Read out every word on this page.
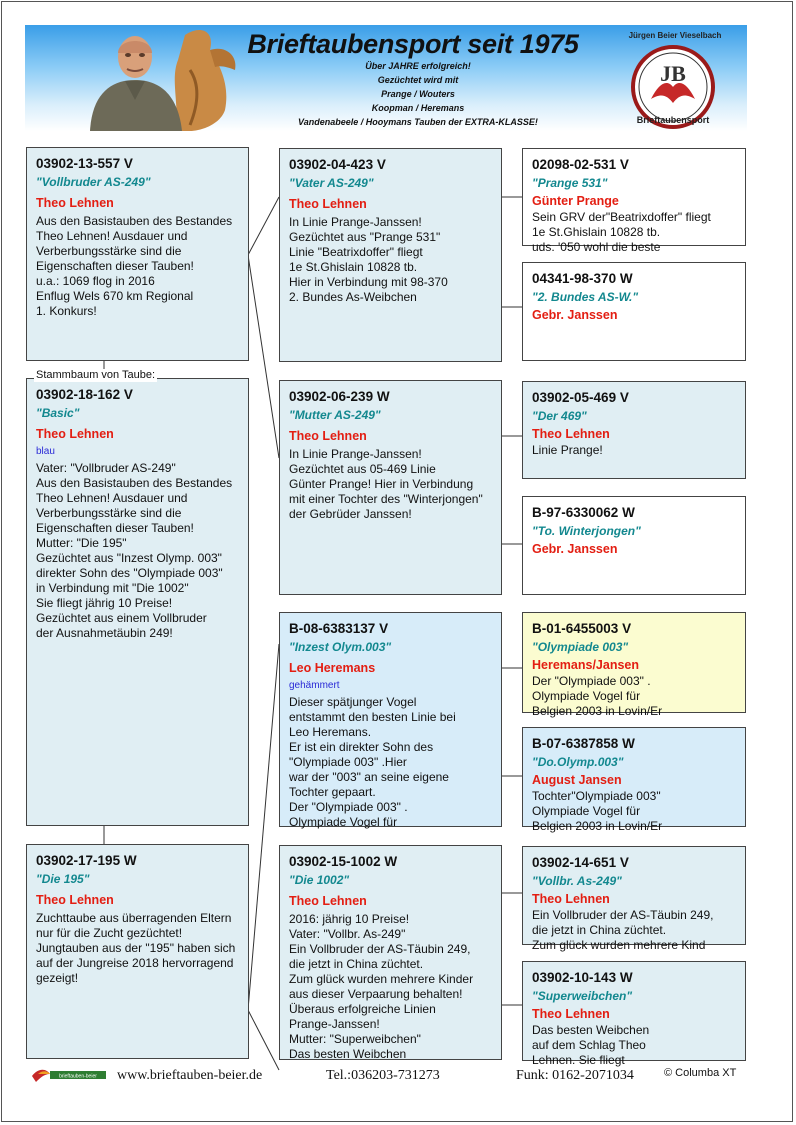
Brieftaubensport seit 1975
Über JAHRE erfolgreich!
Gezüchtet wird mit
Prange / Wouters
Koopman / Heremans
Vandenabeele / Hooymans Tauben der EXTRA-KLASSE!
Jürgen Beier Vieselbach
JB
Brieftaubensport
03902-13-557 V
"Vollbruder AS-249"
Theo Lehnen
Aus den Basistauben des Bestandes
Theo Lehnen! Ausdauer und Verberbungsstärke sind die Eigenschaften dieser Tauben!
u.a.: 1069 flog in 2016
Enflug Wels 670 km Regional
1. Konkurs!
03902-18-162 V
"Basic"
Theo Lehnen
blau
Vater: "Vollbruder AS-249"
Aus den Basistauben des Bestandes
Theo Lehnen! Ausdauer und Verberbungsstärke sind die Eigenschaften dieser Tauben!
Mutter: "Die 195"
Gezüchtet aus "Inzest Olymp. 003"
direkter Sohn des "Olympiade 003"
in Verbindung mit "Die 1002"
Sie fliegt jährig 10 Preise!
Gezüchtet aus einem Vollbruder
der Ausnahmetäubin 249!
Stammbaum von Taube:
03902-17-195 W
"Die 195"
Theo Lehnen
Zuchttaube aus überragenden Eltern
nur für die Zucht gezüchtet!
Jungtauben aus der "195" haben sich
auf der Jungreise 2018 hervorragend
gezeigt!
03902-04-423 V
"Vater AS-249"
Theo Lehnen
In Linie Prange-Janssen!
Gezüchtet aus "Prange 531"
Linie "Beatrixdoffer" fliegt
1e St.Ghislain 10828 tb.
Hier in Verbindung mit 98-370
2. Bundes As-Weibchen
03902-06-239 W
"Mutter AS-249"
Theo Lehnen
In Linie Prange-Janssen!
Gezüchtet aus 05-469 Linie
Günter Prange! Hier in Verbindung
mit einer Tochter des "Winterjongen"
der Gebrüder Janssen!
B-08-6383137 V
"Inzest Olym.003"
Leo Heremans
gehämmert
Dieser spätjunger Vogel
entstammt den besten Linie bei
Leo Heremans.
Er ist ein direkter Sohn des
"Olympiade 003" .Hier
war der "003" an seine eigene
Tochter gepaart.
Der "Olympiade 003" .
Olympiade Vogel für
03902-15-1002 W
"Die 1002"
Theo Lehnen
2016: jährig 10 Preise!
Vater: "Vollbr. As-249"
Ein Vollbruder der AS-Täubin 249,
die jetzt in China züchtet.
Zum glück wurden mehrere Kinder
aus dieser Verpaarung behalten!
Überaus erfolgreiche Linien
Prange-Janssen!
Mutter: "Superweibchen"
Das besten Weibchen
02098-02-531 V
"Prange 531"
Günter Prange
Sein GRV der"Beatrixdoffer" fliegt
1e St.Ghislain 10828 tb.
uds. '050 wohl die beste
04341-98-370 W
"2. Bundes AS-W."
Gebr. Janssen
03902-05-469 V
"Der 469"
Theo Lehnen
Linie Prange!
B-97-6330062 W
"To. Winterjongen"
Gebr. Janssen
B-01-6455003 V
"Olympiade 003"
Heremans/Jansen
Der "Olympiade 003" .
Olympiade Vogel für
Belgien 2003 in Lovin/Er
B-07-6387858 W
"Do.Olymp.003"
August Jansen
Tochter"Olympiade 003"
Olympiade Vogel für
Belgien 2003 in Lovin/Er
03902-14-651 V
"Vollbr. As-249"
Theo Lehnen
Ein Vollbruder der AS-Täubin 249,
die jetzt in China züchtet.
Zum glück wurden mehrere Kind
03902-10-143 W
"Superweibchen"
Theo Lehnen
Das besten Weibchen
auf dem Schlag Theo
Lehnen. Sie fliegt
brieftauben-beier www.brieftauben-beier.de	Tel.:036203-731273	Funk: 0162-2071034	© Columba XT
